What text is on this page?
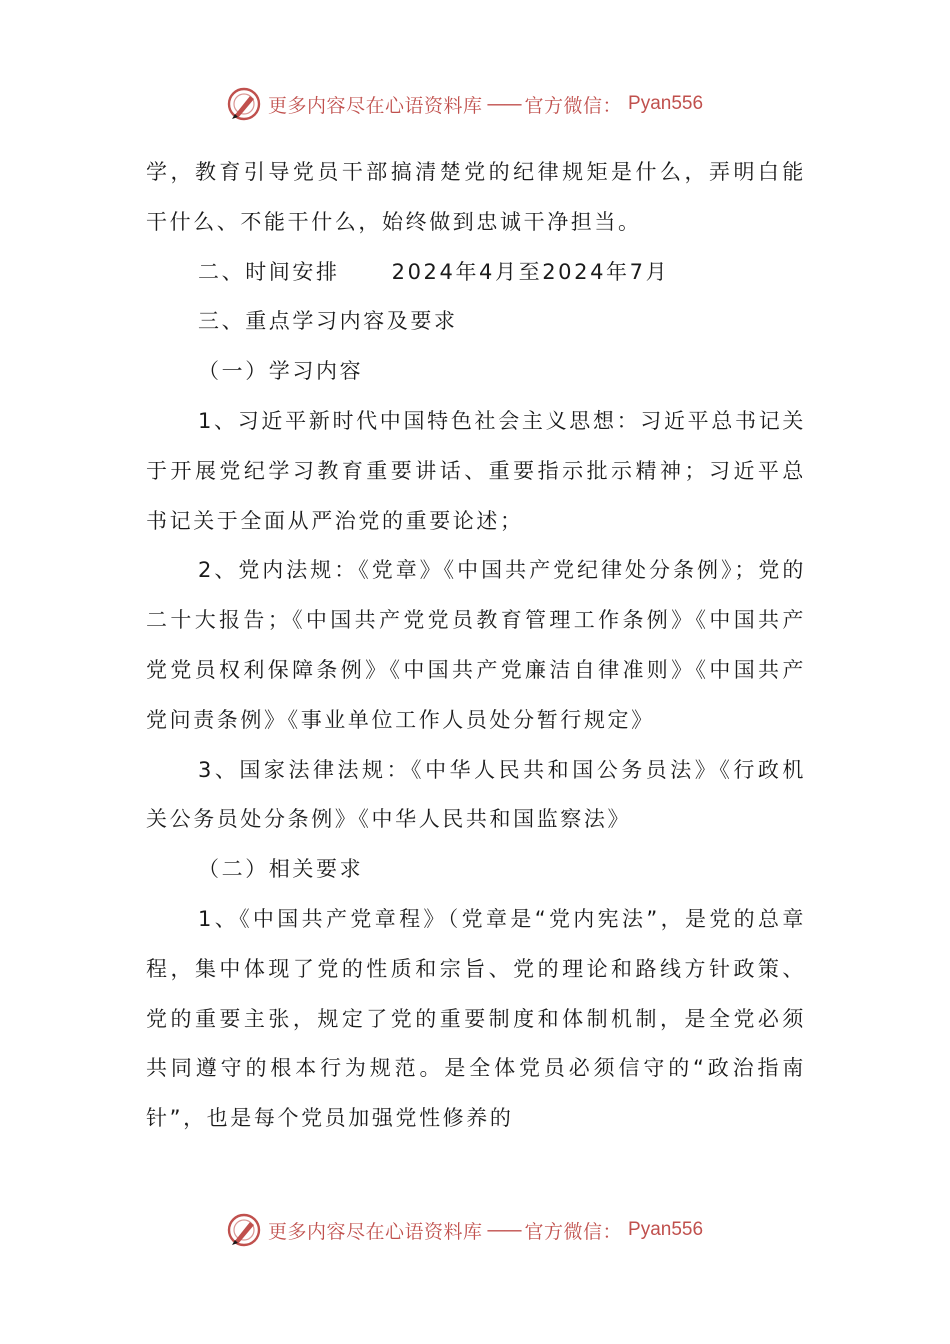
更多内容尽在心语资料库 —— 官方微信： Pyan556

学，教育引导党员干部搞清楚党的纪律规矩是什么，弄明白能干什么、不能干什么，始终做到忠诚干净担当。

二、时间安排 2024年4月至2024年7月

三、重点学习内容及要求

（一）学习内容

1、习近平新时代中国特色社会主义思想：习近平总书记关于开展党纪学习教育重要讲话、重要指示批示精神；习近平总书记关于全面从严治党的重要论述；

2、党内法规：《党章》《中国共产党纪律处分条例》；党的二十大报告；《中国共产党党员教育管理工作条例》《中国共产党党员权利保障条例》《中国共产党廉洁自律准则》《中国共产党问责条例》《事业单位工作人员处分暂行规定》

3、国家法律法规：《中华人民共和国公务员法》《行政机关公务员处分条例》《中华人民共和国监察法》

（二）相关要求

1、《中国共产党章程》（党章是“党内宪法”，是党的总章程，集中体现了党的性质和宗旨、党的理论和路线方针政策、党的重要主张，规定了党的重要制度和体制机制，是全党必须共同遵守的根本行为规范。是全体党员必须信守的“政治指南针”，也是每个党员加强党性修养的

更多内容尽在心语资料库 —— 官方微信： Pyan556
